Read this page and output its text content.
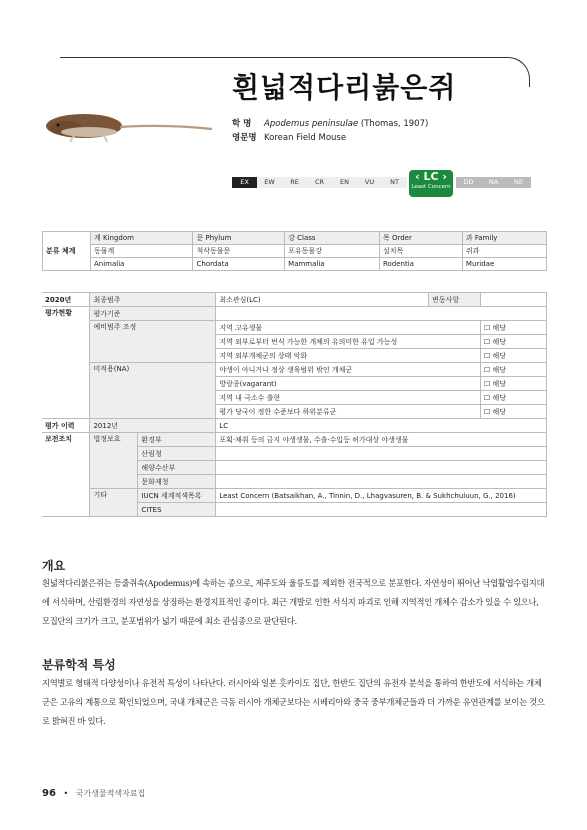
흰넓적다리붉은쥐
학 명	Apodemus peninsulae (Thomas, 1907)
영문명 Korean Field Mouse
EX	EW	RE	CR	EN	VU	NT	‹ LC ›
Least Concern
DD	NA	NE
분류 체계	계 Kingdom	문 Phylum	강 Class	목 Order	과 Family
	동물계	척삭동물문	포유동물강	설치목	쥐과
	Animalia	Chordata	Mammalia	Rodentia	Muridae
2020년	최종범주		최소관심(LC)	변동사항	
평가현황	평가기준				
	예비범주 조정		지역 고유생물		☐ 해당
			지역 외부로부터 번식 가능한 개체의 유의미한 유입 가능성		☐ 해당
			지역 외부개체군의 상태 악화		☐ 해당
	미적용(NA)		야생이 아니거나 정상 생육범위 밖인 개체군		☐ 해당
			방랑종(vagarant)		☐ 해당
			지역 내 극소수 출현		☐ 해당
			평가 당국이 정한 수준보다 하위분류군		☐ 해당
평가 이력	2012년		LC		
보전조치	법정보호	환경부	포획·채취 등의 금지 야생생물, 수출·수입등 허가대상 야생생물		
		산림청			
		해양수산부			
		문화재청			
	기타	IUCN 세계적색목록	Least Concern (Batsaikhan, A., Tinnin, D., Lhagvasuren, B. & Sukhchuluun, G., 2016)		
		CITES			
개요

흰넓적다리붉은쥐는 등줄쥐속(Apodemus)에 속하는 종으로, 제주도와 울릉도를 제외한 전국적으로 분포한다. 자연성이 뛰어난 낙엽활엽수림지대에 서식하며, 산림환경의 자연성을 상징하는 환경지표적인 종이다. 최근 개발로 인한 서식지 파괴로 인해 지역적인 개체수 감소가 있을 수 있으나, 모집단의 크기가 크고, 분포범위가 넓기 때문에 최소 관심종으로 판단된다.

분류학적 특성

지역별로 형태적 다양성이나 유전적 특성이 나타난다. 러시아와 일본 홋카이도 집단, 한반도 집단의 유전자 분석을 통하여 한반도에 서식하는 개체군은 고유의 계통으로 확인되었으며, 국내 개체군은 극동 러시아 개체군보다는 시베리아와 중국 중부개체군들과 더 가까운 유연관계를 보이는 것으로 밝혀진 바 있다.

96 • 국가생물적색자료집
